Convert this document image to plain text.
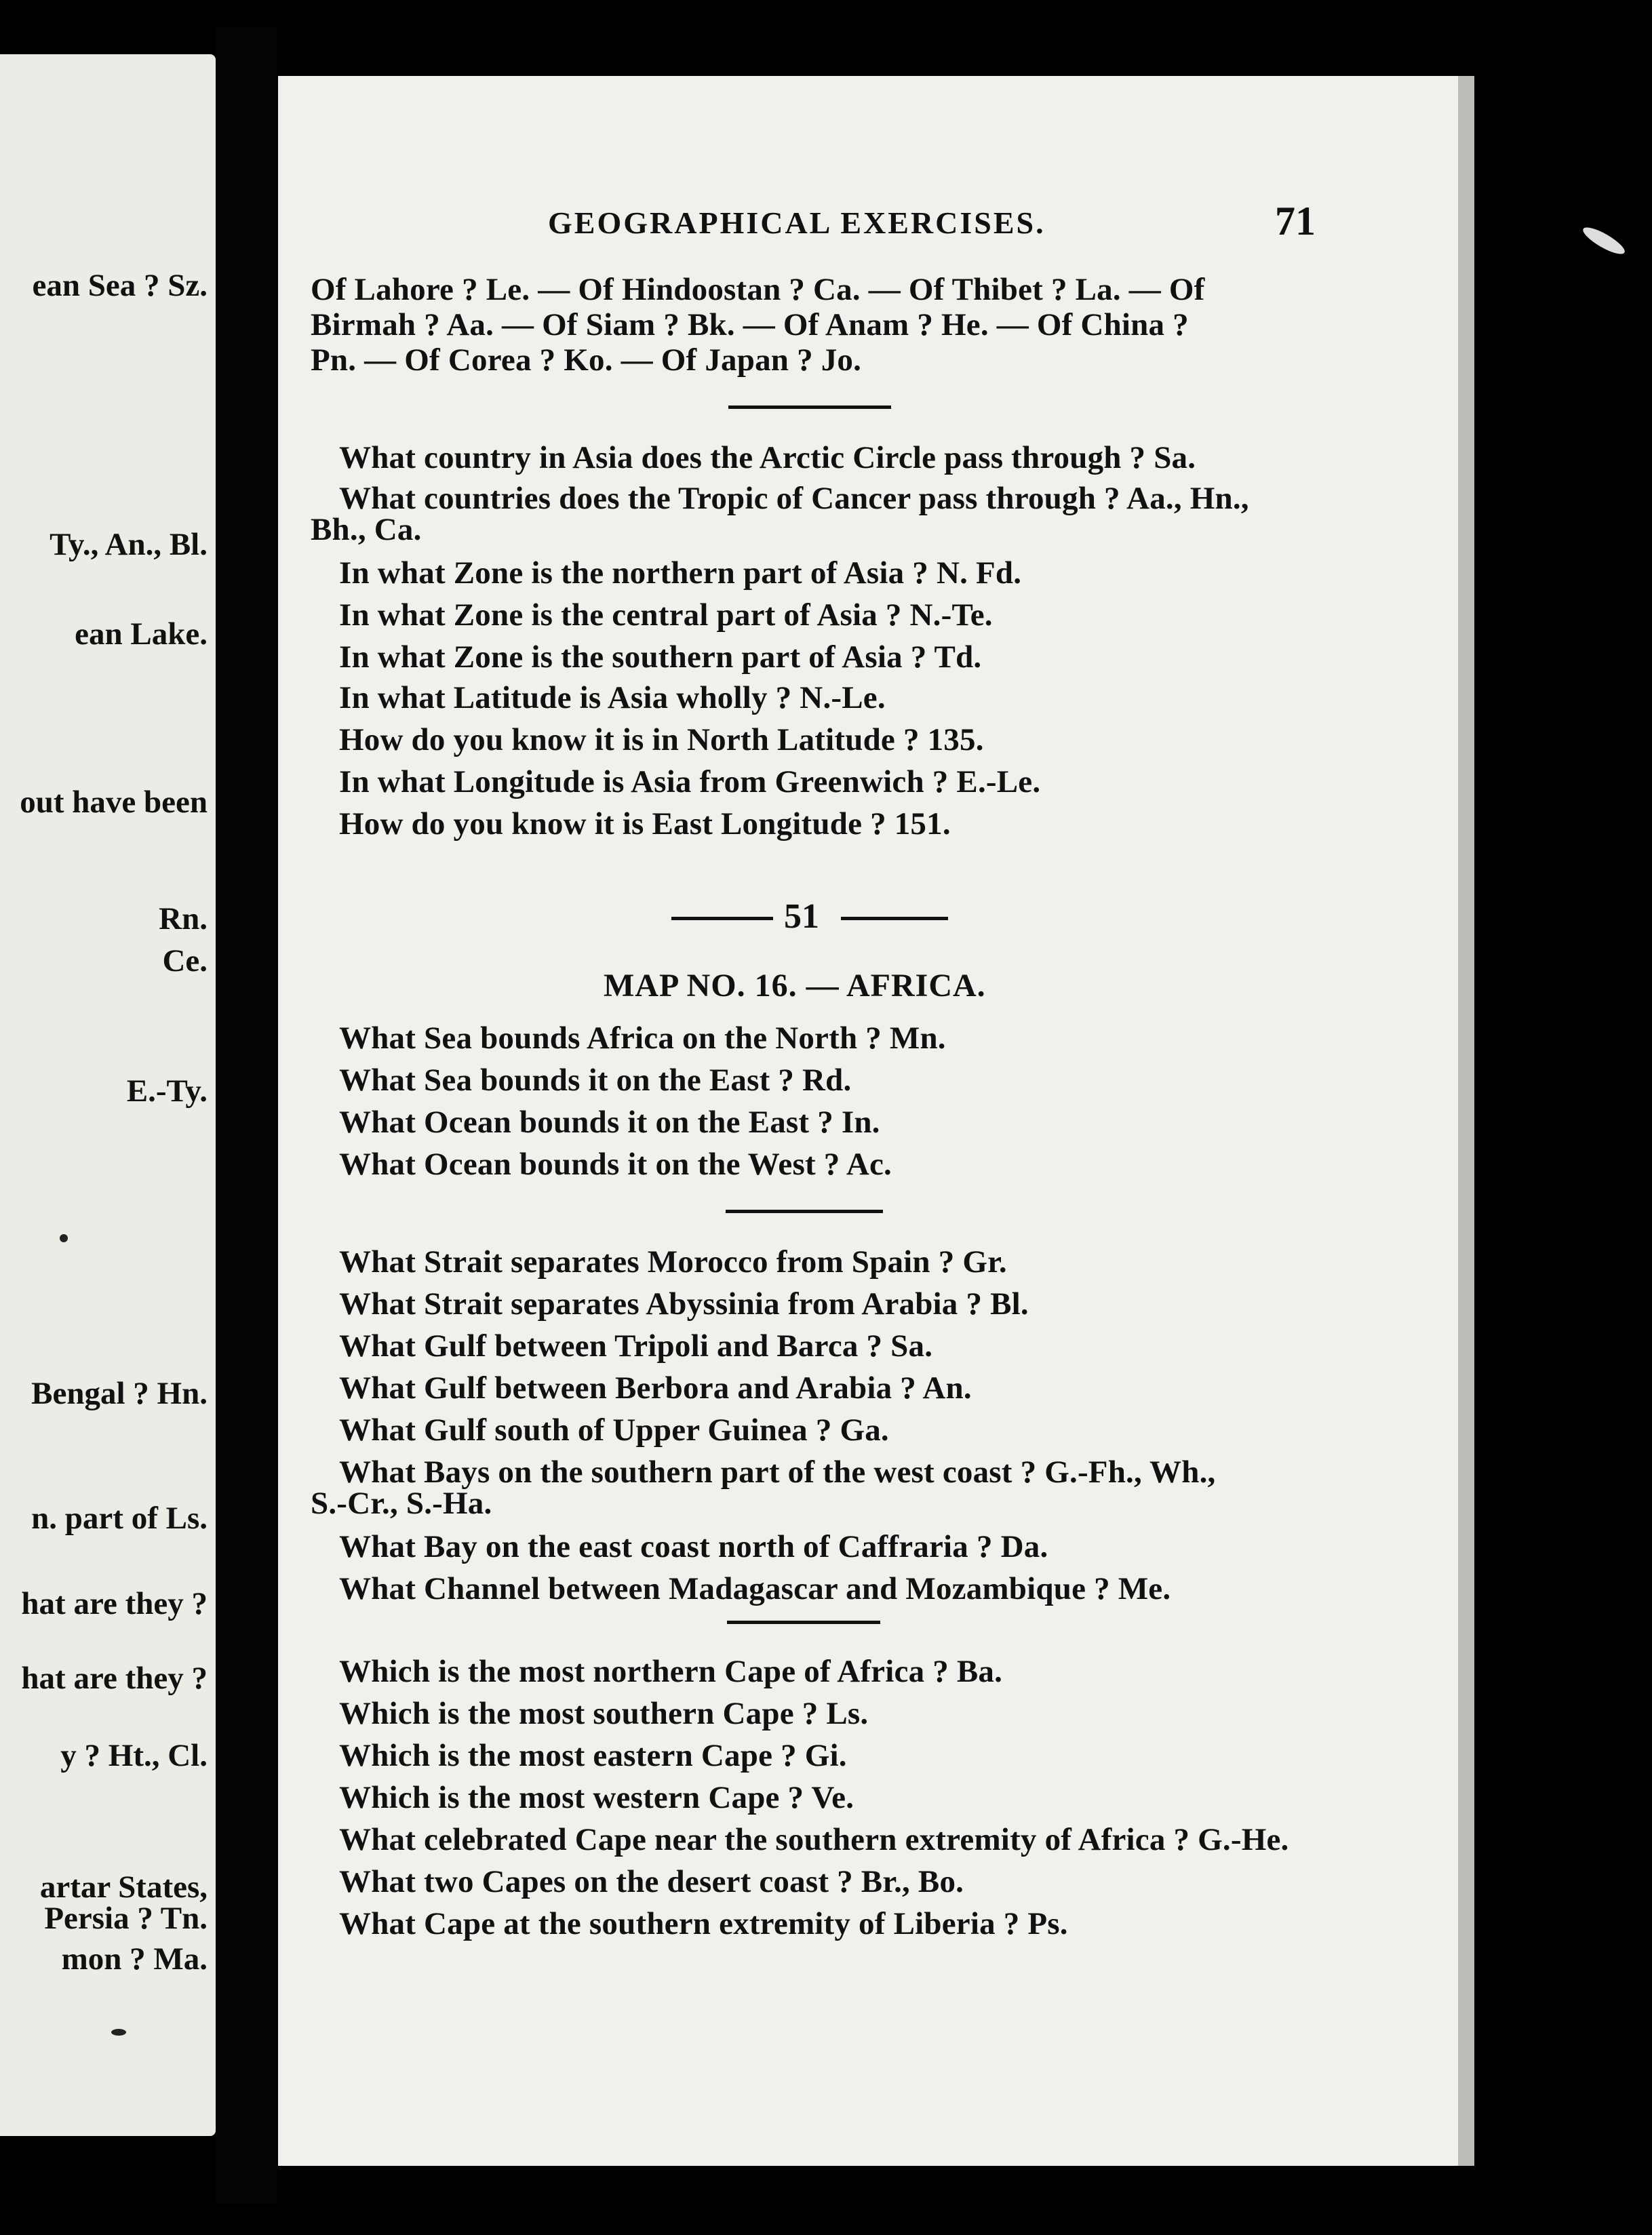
ean Sea ? Sz.
Ty., An., Bl.
ean Lake.
out have been
Rn.
Ce.
E.-Ty.
Bengal ? Hn.
n. part of Ls.
hat are they ?
hat are they ?
y ? Ht., Cl.
artar States,
Persia ? Tn.
mon ? Ma.
GEOGRAPHICAL EXERCISES.	71
Of Lahore ? Le. — Of Hindoostan ? Ca. — Of Thibet ? La. — Of
Birmah ? Aa. — Of Siam ? Bk. — Of Anam ? He. — Of China ?
Pn. — Of Corea ? Ko. — Of Japan ? Jo.
What country in Asia does the Arctic Circle pass through ? Sa.
What countries does the Tropic of Cancer pass through ? Aa., Hn.,
Bh., Ca.
In what Zone is the northern part of Asia ? N. Fd.
In what Zone is the central part of Asia ? N.-Te.
In what Zone is the southern part of Asia ? Td.
In what Latitude is Asia wholly ? N.-Le.
How do you know it is in North Latitude ? 135.
In what Longitude is Asia from Greenwich ? E.-Le.
How do you know it is East Longitude ? 151.
51
MAP NO. 16. — AFRICA.
What Sea bounds Africa on the North ? Mn.
What Sea bounds it on the East ? Rd.
What Ocean bounds it on the East ? In.
What Ocean bounds it on the West ? Ac.
What Strait separates Morocco from Spain ? Gr.
What Strait separates Abyssinia from Arabia ? Bl.
What Gulf between Tripoli and Barca ? Sa.
What Gulf between Berbora and Arabia ? An.
What Gulf south of Upper Guinea ? Ga.
What Bays on the southern part of the west coast ? G.-Fh., Wh.,
S.-Cr., S.-Ha.
What Bay on the east coast north of Caffraria ? Da.
What Channel between Madagascar and Mozambique ? Me.
Which is the most northern Cape of Africa ? Ba.
Which is the most southern Cape ? Ls.
Which is the most eastern Cape ? Gi.
Which is the most western Cape ? Ve.
What celebrated Cape near the southern extremity of Africa ? G.-He.
What two Capes on the desert coast ? Br., Bo.
What Cape at the southern extremity of Liberia ? Ps.
